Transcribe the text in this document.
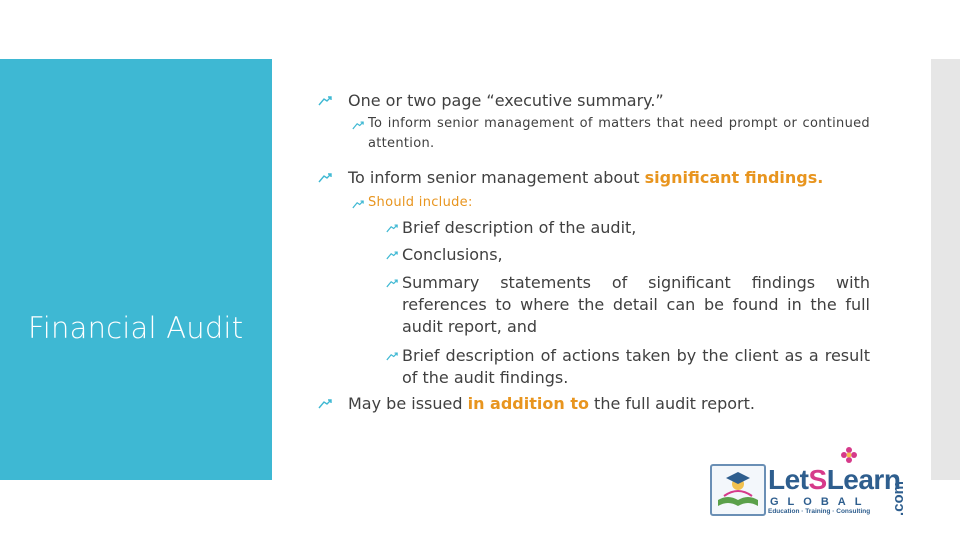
Financial Audit
One or two page “executive summary.”
To inform senior management of matters that need prompt or continued attention.
To inform senior management about significant findings.
Should include:
Brief description of the audit,
Conclusions,
Summary statements of significant findings with references to where the detail can be found in the full audit report, and
Brief description of actions taken by the client as a result of the audit findings.
May be issued in addition to the full audit report.
LetSLearn
GLOBAL
Education · Training · Consulting .com
